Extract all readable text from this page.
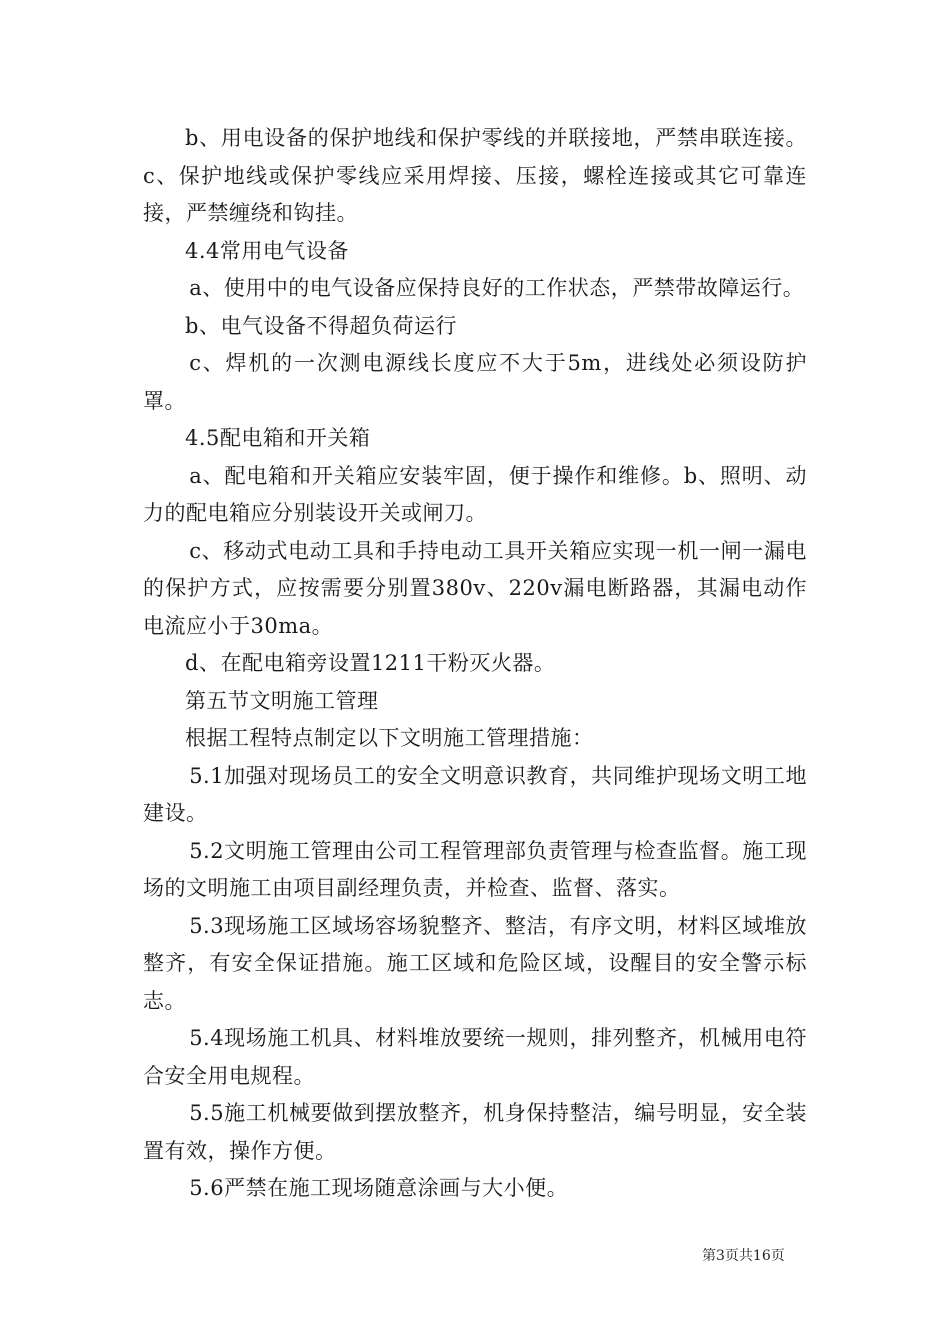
b、用电设备的保护地线和保护零线的并联接地，严禁串联连接。c、保护地线或保护零线应采用焊接、压接，螺栓连接或其它可靠连接，严禁缠绕和钩挂。

4.4常用电气设备

a、使用中的电气设备应保持良好的工作状态，严禁带故障运行。

b、电气设备不得超负荷运行

c、焊机的一次测电源线长度应不大于5m，进线处必须设防护罩。

4.5配电箱和开关箱

a、配电箱和开关箱应安装牢固，便于操作和维修。b、照明、动力的配电箱应分别装设开关或闸刀。

c、移动式电动工具和手持电动工具开关箱应实现一机一闸一漏电的保护方式，应按需要分别置380v、220v漏电断路器，其漏电动作电流应小于30ma。

d、在配电箱旁设置1211干粉灭火器。

第五节文明施工管理

根据工程特点制定以下文明施工管理措施：

5.1加强对现场员工的安全文明意识教育，共同维护现场文明工地建设。

5.2文明施工管理由公司工程管理部负责管理与检查监督。施工现场的文明施工由项目副经理负责，并检查、监督、落实。

5.3现场施工区域场容场貌整齐、整洁，有序文明，材料区域堆放整齐，有安全保证措施。施工区域和危险区域，设醒目的安全警示标志。

5.4现场施工机具、材料堆放要统一规则，排列整齐，机械用电符合安全用电规程。

5.5施工机械要做到摆放整齐，机身保持整洁，编号明显，安全装置有效，操作方便。

5.6严禁在施工现场随意涂画与大小便。

第3页共16页
